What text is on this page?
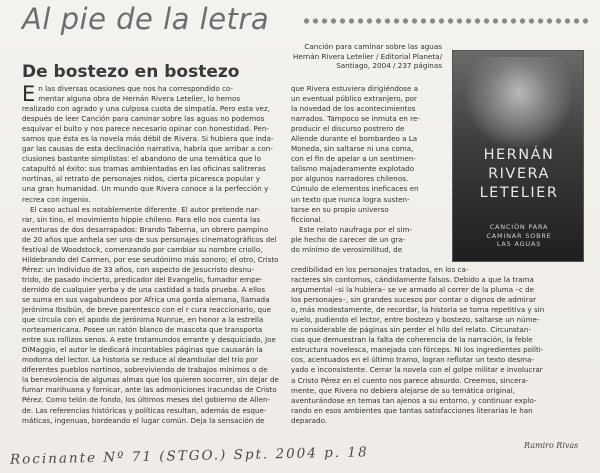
Al pie de la letra
De bostezo en bostezo
Canción para caminar sobre las aguas
Hernán Rivera Letelier / Editorial Planeta/
Santiago, 2004 / 237 páginas
HERNÁN
RIVERA
LETELIER
CANCIÓN PARA
CAMINAR SOBRE
LAS AGUAS
E n las diversas ocasiones que nos ha correspondido co-
mentar alguna obra de Hernán Rivera Letelier, lo hemos
realizado con agrado y una culposa cuota de simpatía. Pero esta vez,
después de leer Canción para caminar sobre las aguas no podemos
esquivar el bulto y nos parece necesario opinar con honestidad. Pen-
samos que ésta es la novela más débil de Rivera. Si hubiera que inda-
gar las causas de esta declinación narrativa, habría que arribar a con-
clusiones bastante simplistas: el abandono de una temática que lo
catapultó al éxito: sus tramas ambientadas en las oficinas salitreras
nortinas, al retrato de personajes nidos, cierta picaresca popular y
una gran humanidad. Un mundo que Rivera conoce a la perfección y
recrea con ingenio.
El caso actual es notablemente diferente. El autor pretende nar-
rar, sin tino, el movimiento hippie chileno. Para ello nos cuenta las
aventuras de dos desarrapados: Brando Taberna, un obrero pampino
de 20 años que anhela ser uno de sus personajes cinematográficos del
festival de Woodstock, comenzando por cambiar su nombre criollo,
Hildebrando del Carmen, por ese seudónimo más sonoro; el otro, Cristo
Pérez: un individuo de 33 años, con aspecto de Jesucristo desnu-
trido, de pasado incierto, predicador del Evangelio, fumador empe-
dernido de cualquier yerba y de una castidad a toda prueba. A ellos
se suma en sus vagabundeos por Africa una gorda alemana, llamada
Jerónima Ibsibún, de breve parentesco con el r cura reaccionario, que
que circula con el apodo de Jerónima Nunrue, en honor a la estrella
norteamericana. Posee un ratón blanco de mascota que transporta
entre sus rollizos senos. A este trotamundos errante y desquiciado, Joe
DiMaggio, el autor le dedicará incontables páginas que causarán la
modorra del lector. La historia se reduce al deambular del trío por
diferentes pueblos nortinos, sobreviviendo de trabajos mínimos o de
la benevolencia de algunas almas que los quieren socorrer, sin dejar de
fumar marihuana y fornicar, ante las admoniciones iracundas de Cristo
Pérez. Como telón de fondo, los últimos meses del gobierno de Allen-
de. Las referencias históricas y políticas resultan, además de esque-
máticas, ingenuas, bordeando el lugar común. Deja la sensación de
que Rivera estuviera dirigiéndose a
un eventual público extranjero, por
la novedad de los acontecimientos
narrados. Tampoco se inmuta en re-
producir el discurso postrero de
Allende durante el bombardeo a La
Moneda, sin saltarse ni una coma,
con el fin de apelar a un sentimen-
talismo majaderamente explotado
por algunos narradores chilenos.
Cúmulo de elementos ineficaces en
un texto que nunca logra susten-
tarse en su propio universo
ficcional.
Este relato naufraga por el sim-
ple hecho de carecer de un gra-
do mínimo de verosimilitud, de
credibilidad en los personajes tratados, en los ca-
racteres sin contornos, cándidamente falsos. Debido a que la trama
argumental –si la hubiera– se ve armado al correr de la pluma –c de
los personajes–, sin grandes sucesos por contar o dignos de admirar
o, más modestamente, de recordar, la historia se torna repetitiva y sin
vuelo, pudiendo el lector, entre bostezo y bostezo, saltarse un núme-
ro considerable de páginas sin perder el hilo del relato. Circunstan-
cias que demuestran la falta de coherencia de la narración, la feble
estructura novelesca, manejada con fórceps. Ni los ingredientes políti-
cos, acentuados en el último tramo, logran reflotar un texto desma-
yado e inconsistente. Cerrar la novela con el golpe militar e involucrar
a Cristo Pérez en el cuento nos parece absurdo. Creemos, sincera-
mente, que Rivera no debiera alejarse de su temática original,
aventurándose en temas tan ajenos a su entorno, y continuar explo-
rando en esos ambientes que tantas satisfacciones literarias le han
deparado.
Ramiro Rivas
Rocinante Nº 71 (STGO.) Spt. 2004 p. 18
